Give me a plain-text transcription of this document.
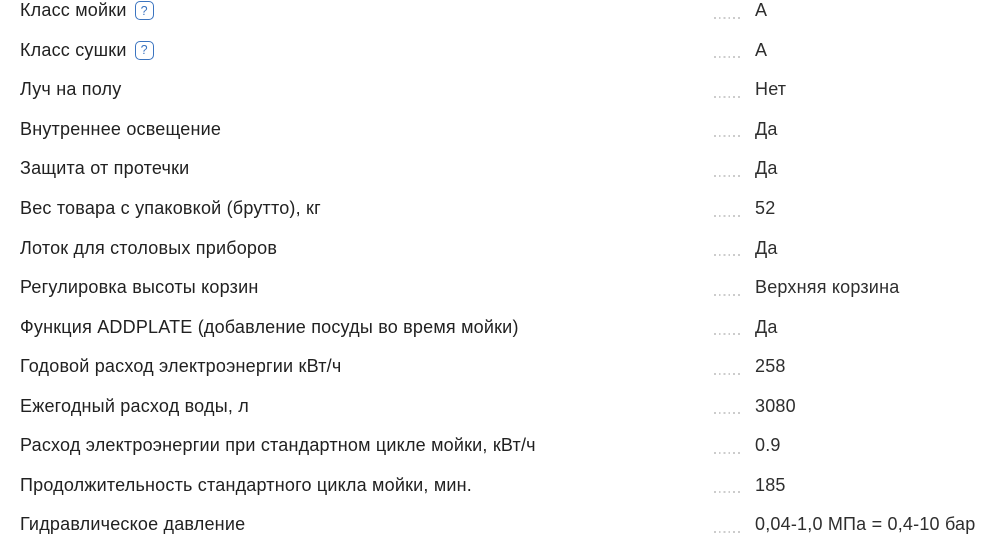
Класс мойки	?	А
Класс сушки	?	А
Луч на полу	Нет
Внутреннее освещение	Да
Защита от протечки	Да
Вес товара с упаковкой (брутто), кг	52
Лоток для столовых приборов	Да
Регулировка высоты корзин	Верхняя корзина
Функция ADDPLATE (добавление посуды во время мойки)	Да
Годовой расход электроэнергии кВт/ч	258
Ежегодный расход воды, л	3080
Расход электроэнергии при стандартном цикле мойки, кВт/ч	0.9
Продолжительность стандартного цикла мойки, мин.	185
Гидравлическое давление	0,04-1,0 МПа = 0,4-10 бар
